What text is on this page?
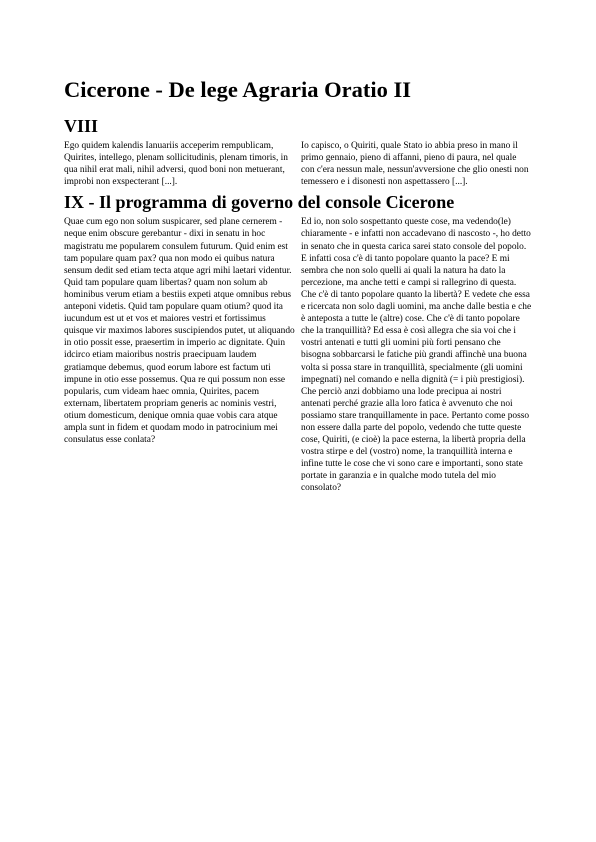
Cicerone - De lege Agraria Oratio II
VIII
Ego quidem kalendis Ianuariis acceperim rempublicam, Quirites, intellego, plenam sollicitudinis, plenam timoris, in qua nihil erat mali, nihil adversi, quod boni non metuerant, improbi non exspecterant [...].
Io capisco, o Quiriti, quale Stato io abbia preso in mano il primo gennaio, pieno di affanni, pieno di paura, nel quale con c'era nessun male, nessun'avversione che glio onesti non temessero e i disonesti non aspettassero [...].
IX - Il programma di governo del console Cicerone
Quae cum ego non solum suspicarer, sed plane cernerem - neque enim obscure gerebantur - dixi in senatu in hoc magistratu me popularem consulem futurum. Quid enim est tam populare quam pax? qua non modo ei quibus natura sensum dedit sed etiam tecta atque agri mihi laetari videntur. Quid tam populare quam libertas? quam non solum ab hominibus verum etiam a bestiis expeti atque omnibus rebus anteponi videtis. Quid tam populare quam otium? quod ita iucundum est ut et vos et maiores vestri et fortissimus quisque vir maximos labores suscipiendos putet, ut aliquando in otio possit esse, praesertim in imperio ac dignitate. Quin idcirco etiam maioribus nostris praecipuam laudem gratiamque debemus, quod eorum labore est factum uti impune in otio esse possemus. Qua re qui possum non esse popularis, cum videam haec omnia, Quirites, pacem externam, libertatem propriam generis ac nominis vestri, otium domesticum, denique omnia quae vobis cara atque ampla sunt in fidem et quodam modo in patrocinium mei consulatus esse conlata?
Ed io, non solo sospettanto queste cose, ma vedendo(le) chiaramente - e infatti non accadevano di nascosto -, ho detto in senato che in questa carica sarei stato console del popolo. E infatti cosa c'è di tanto popolare quanto la pace? E mi sembra che non solo quelli ai quali la natura ha dato la percezione, ma anche tetti e campi si rallegrino di questa. Che c'è di tanto popolare quanto la libertà? E vedete che essa e ricercata non solo dagli uomini, ma anche dalle bestia e che è anteposta a tutte le (altre) cose. Che c'è di tanto popolare che la tranquillità? Ed essa è così allegra che sia voi che i vostri antenati e tutti gli uomini più forti pensano che bisogna sobbarcarsi le fatiche più grandi affinchè una buona volta si possa stare in tranquillità, specialmente (gli uomini impegnati) nel comando e nella dignità (= i più prestigiosi). Che perciò anzi dobbiamo una lode precipua ai nostri antenati perché grazie alla loro fatica è avvenuto che noi possiamo stare tranquillamente in pace. Pertanto come posso non essere dalla parte del popolo, vedendo che tutte queste cose, Quiriti, (e cioè) la pace esterna, la libertà propria della vostra stirpe e del (vostro) nome, la tranquillità interna e infine tutte le cose che vi sono care e importanti, sono state portate in garanzia e in qualche modo tutela del mio consolato?
